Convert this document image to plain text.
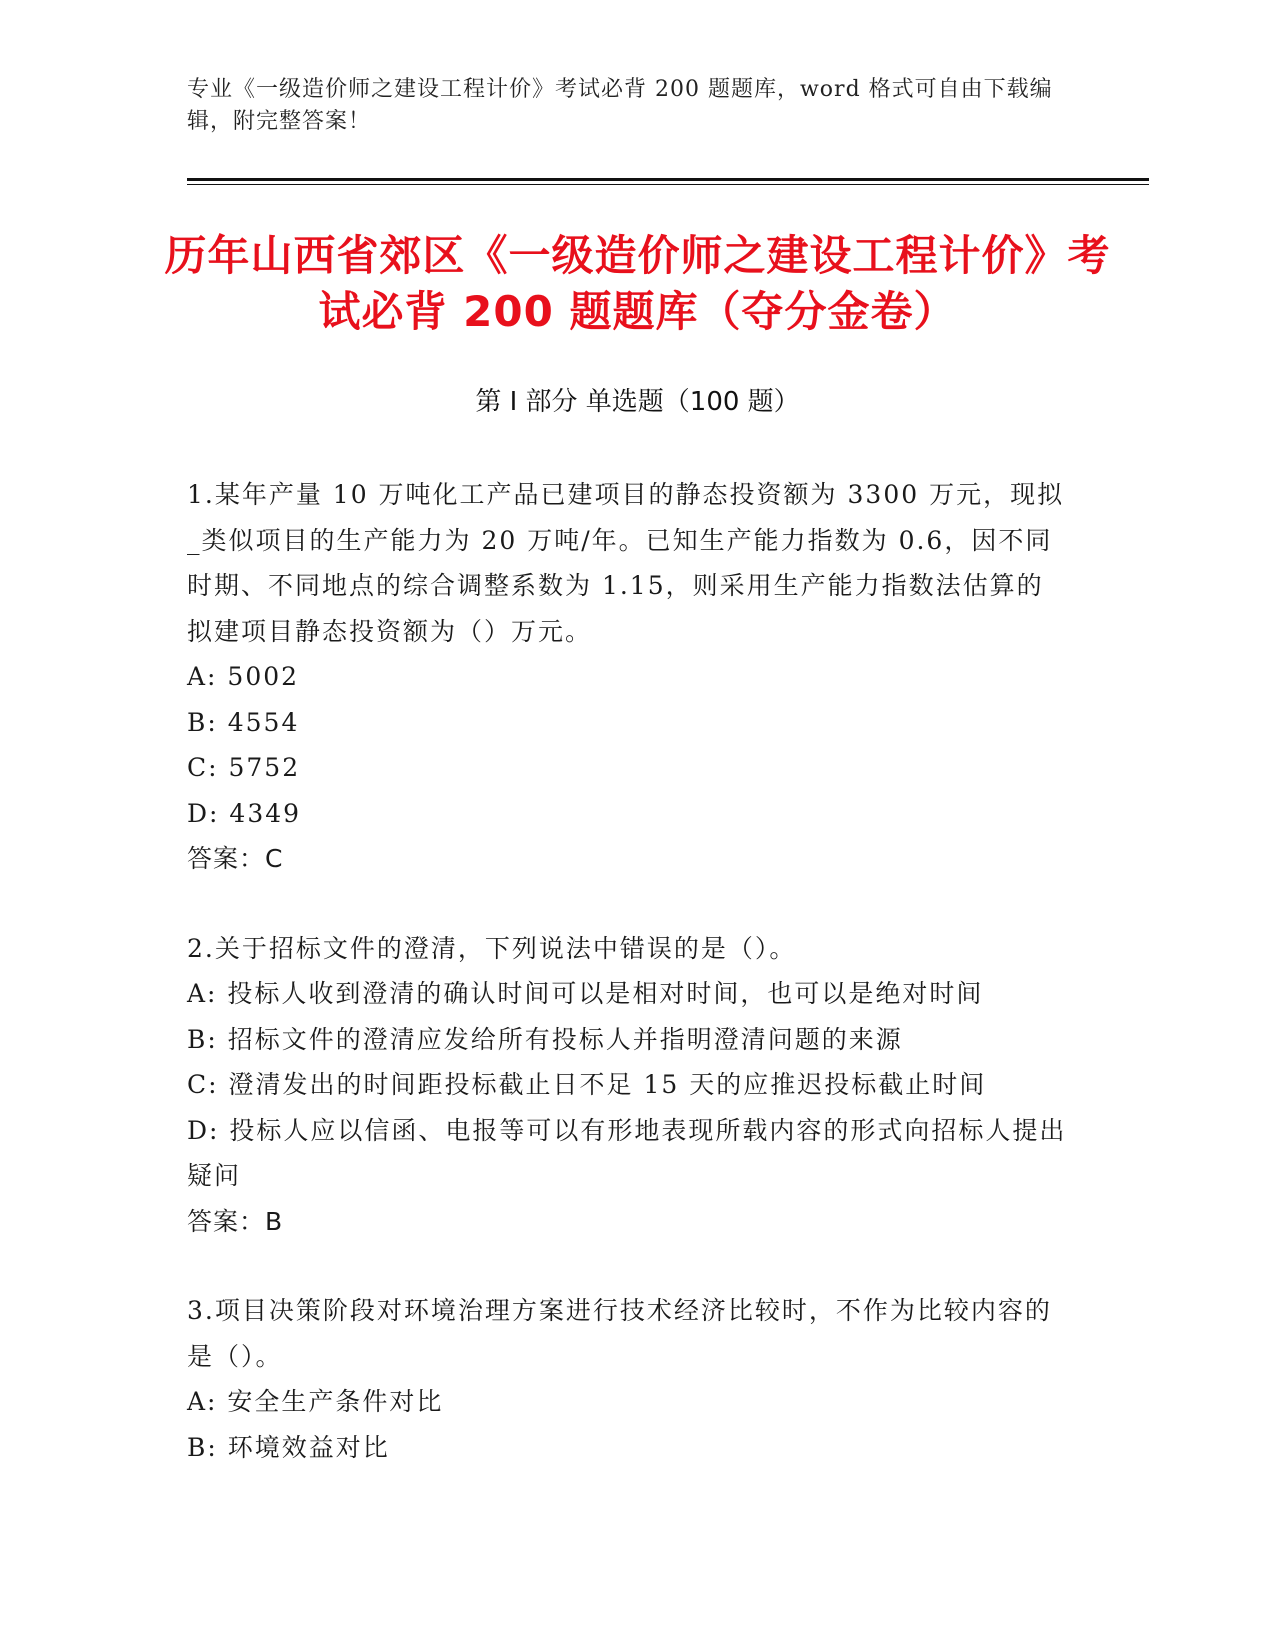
专业《一级造价师之建设工程计价》考试必背 200 题题库，word 格式可自由下载编辑，附完整答案！
历年山西省郊区《一级造价师之建设工程计价》考试必背 200 题题库（夺分金卷）
第 I 部分 单选题（100 题）
1.某年产量 10 万吨化工产品已建项目的静态投资额为 3300 万元，现拟_类似项目的生产能力为 20 万吨/年。已知生产能力指数为 0.6，因不同时期、不同地点的综合调整系数为 1.15，则采用生产能力指数法估算的拟建项目静态投资额为（）万元。
A: 5002
B: 4554
C: 5752
D: 4349
答案：C
2.关于招标文件的澄清，下列说法中错误的是（）。
A: 投标人收到澄清的确认时间可以是相对时间，也可以是绝对时间
B: 招标文件的澄清应发给所有投标人并指明澄清问题的来源
C: 澄清发出的时间距投标截止日不足 15 天的应推迟投标截止时间
D: 投标人应以信函、电报等可以有形地表现所载内容的形式向招标人提出疑问
答案：B
3.项目决策阶段对环境治理方案进行技术经济比较时，不作为比较内容的是（）。
A: 安全生产条件对比
B: 环境效益对比
